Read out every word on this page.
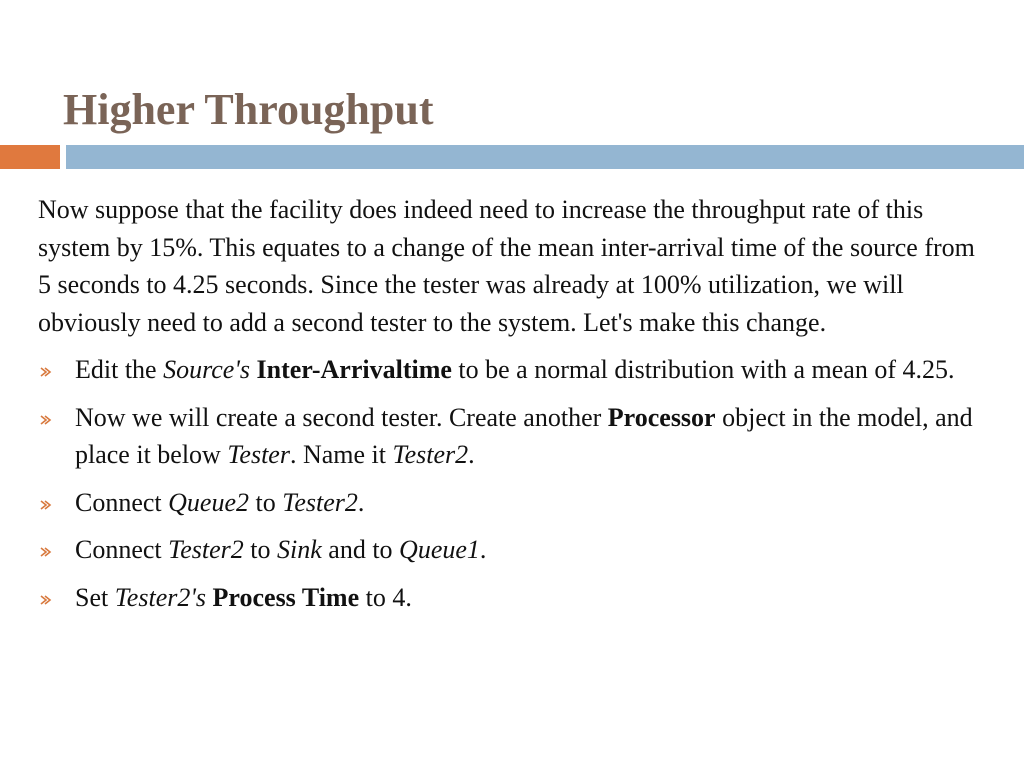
Higher Throughput

Now suppose that the facility does indeed need to increase the throughput rate of this system by 15%. This equates to a change of the mean inter-arrival time of the source from 5 seconds to 4.25 seconds. Since the tester was already at 100% utilization, we will obviously need to add a second tester to the system. Let's make this change.

Edit the Source's Inter-Arrivaltime to be a normal distribution with a mean of 4.25.
Now we will create a second tester. Create another Processor object in the model, and place it below Tester. Name it Tester2.
Connect Queue2 to Tester2.
Connect Tester2 to Sink and to Queue1.
Set Tester2's Process Time to 4.
